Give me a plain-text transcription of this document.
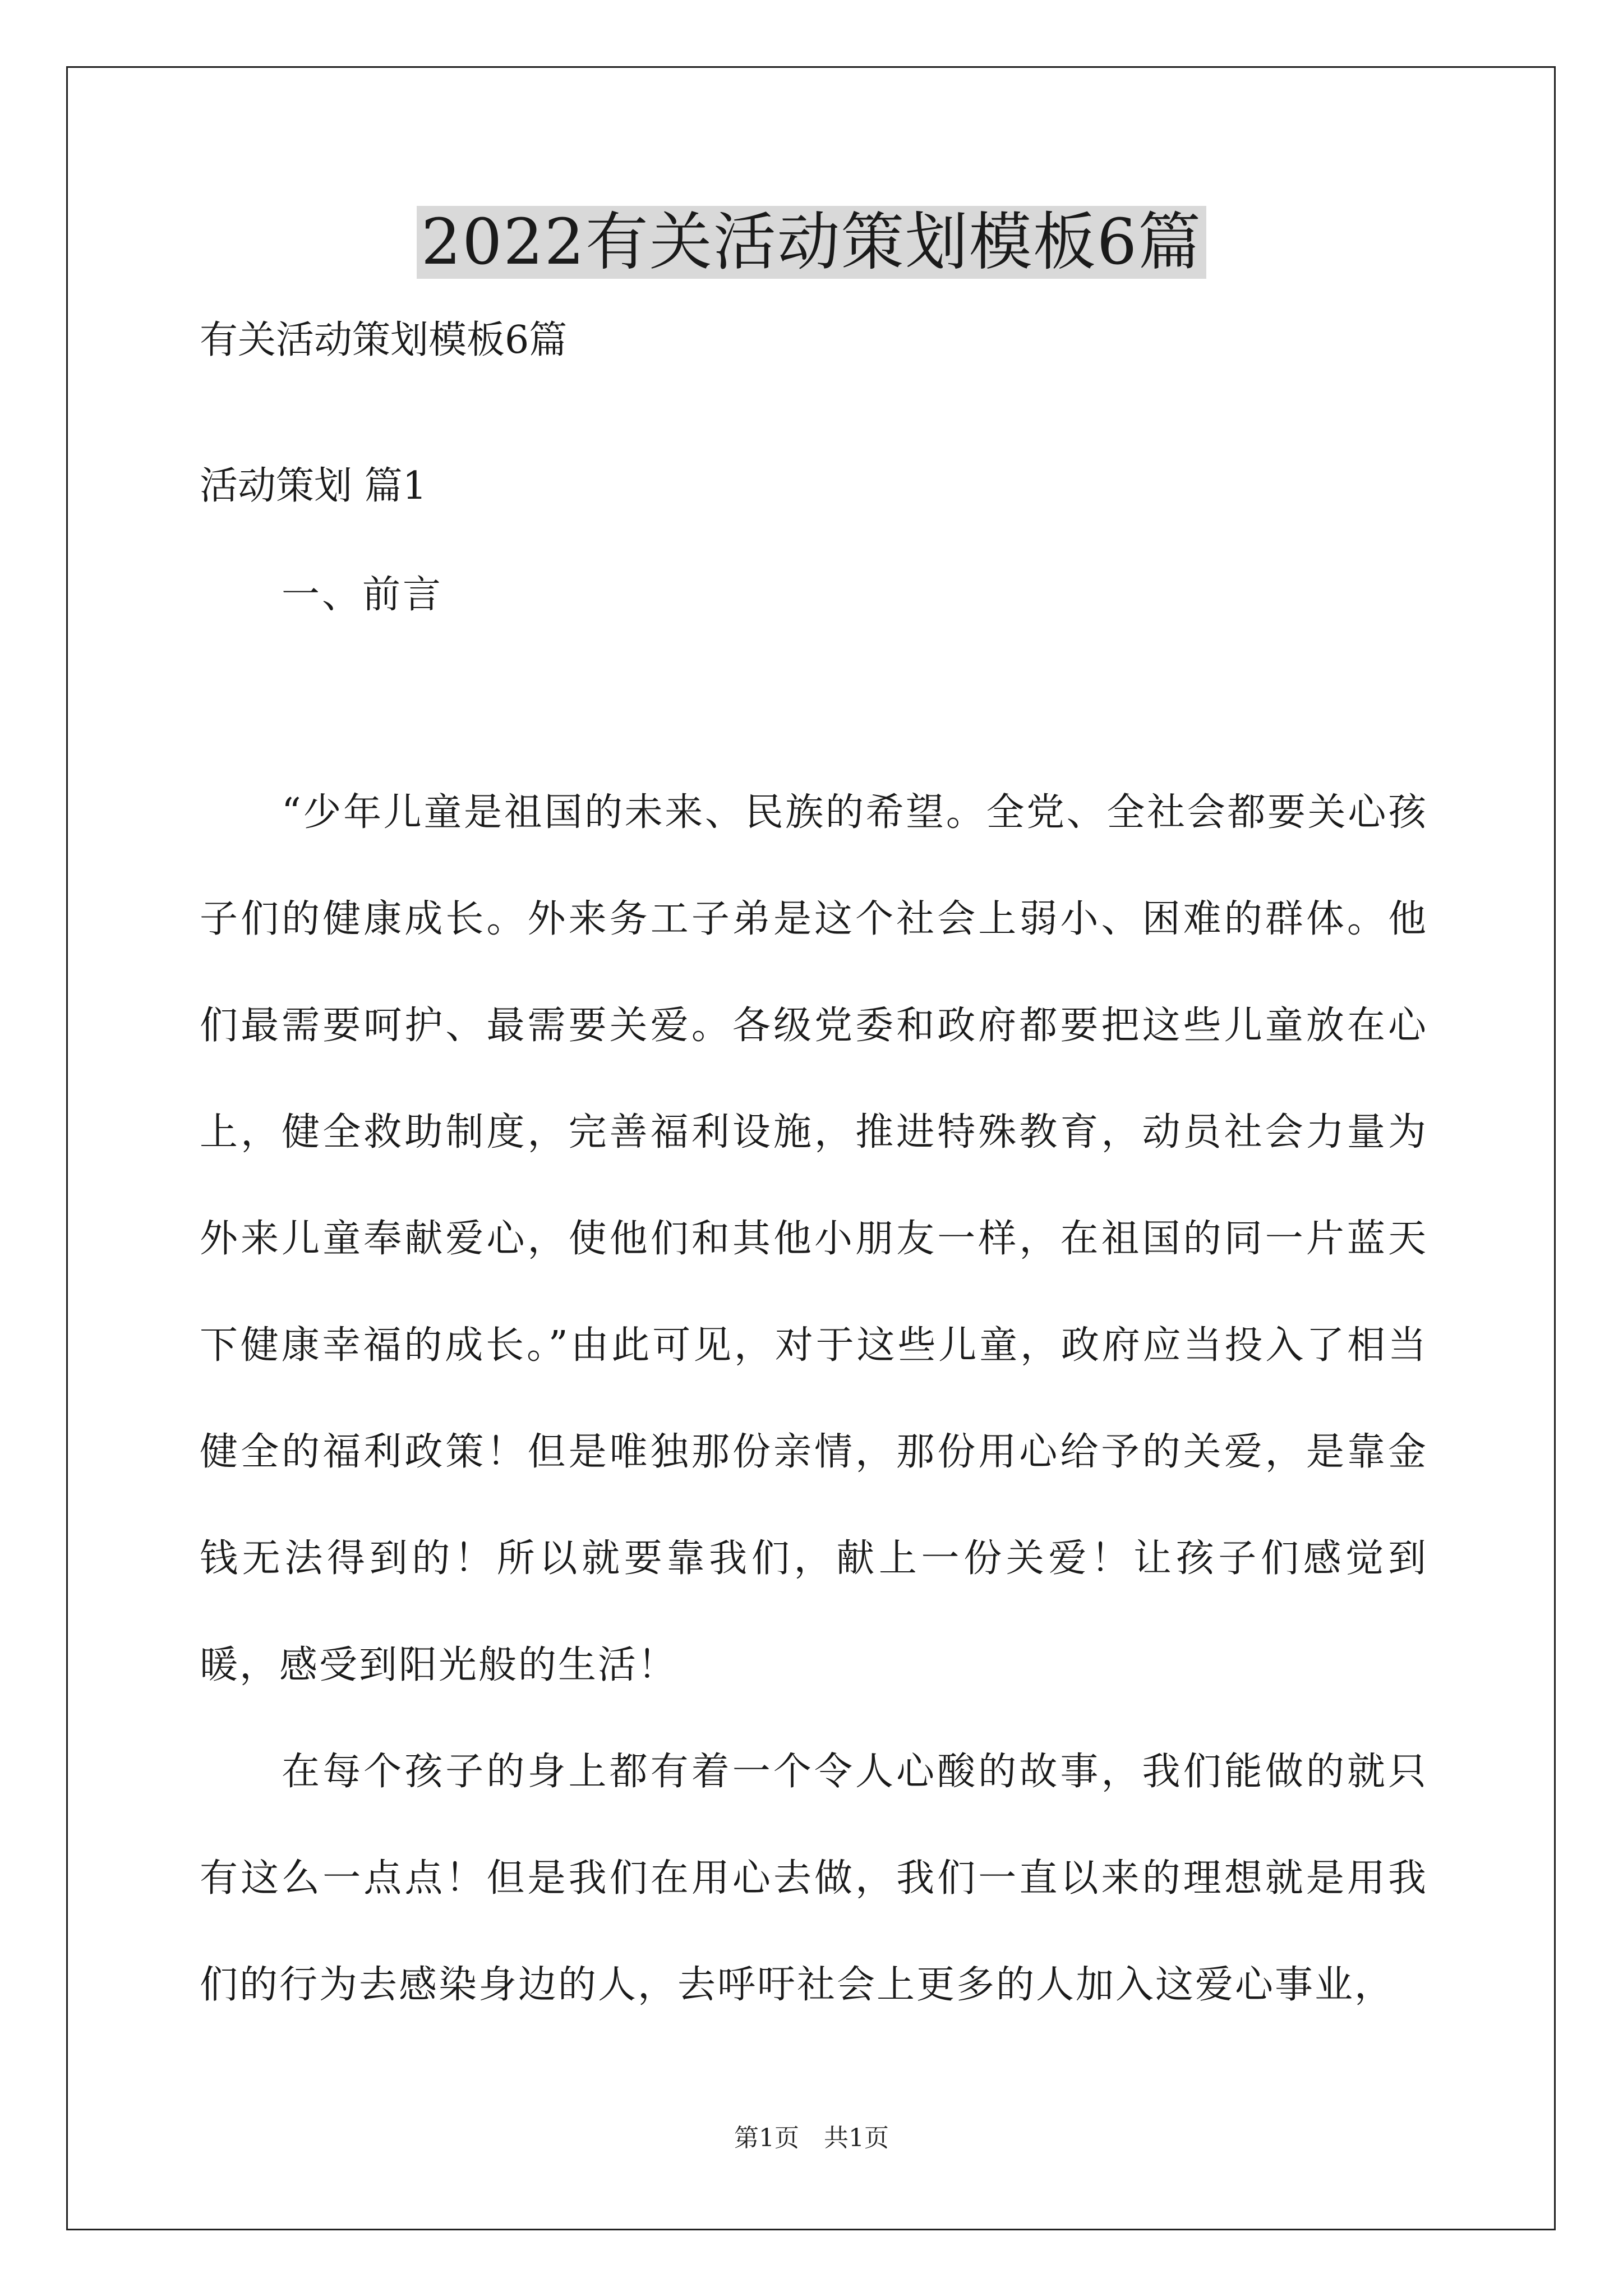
2022有关活动策划模板6篇
有关活动策划模板6篇
活动策划 篇1
一、前言

“少年儿童是祖国的未来、民族的希望。全党、全社会都要关心孩子们的健康成长。外来务工子弟是这个社会上弱小、困难的群体。他们最需要呵护、最需要关爱。各级党委和政府都要把这些儿童放在心上，健全救助制度，完善福利设施，推进特殊教育，动员社会力量为外来儿童奉献爱心，使他们和其他小朋友一样，在祖国的同一片蓝天下健康幸福的成长。”由此可见，对于这些儿童，政府应当投入了相当健全的福利政策！但是唯独那份亲情，那份用心给予的关爱，是靠金钱无法得到的！所以就要靠我们，献上一份关爱！让孩子们感觉到暖，感受到阳光般的生活！

在每个孩子的身上都有着一个令人心酸的故事，我们能做的就只有这么一点点！但是我们在用心去做，我们一直以来的理想就是用我们的行为去感染身边的人，去呼吁社会上更多的人加入这爱心事业，

第1页　共1页
